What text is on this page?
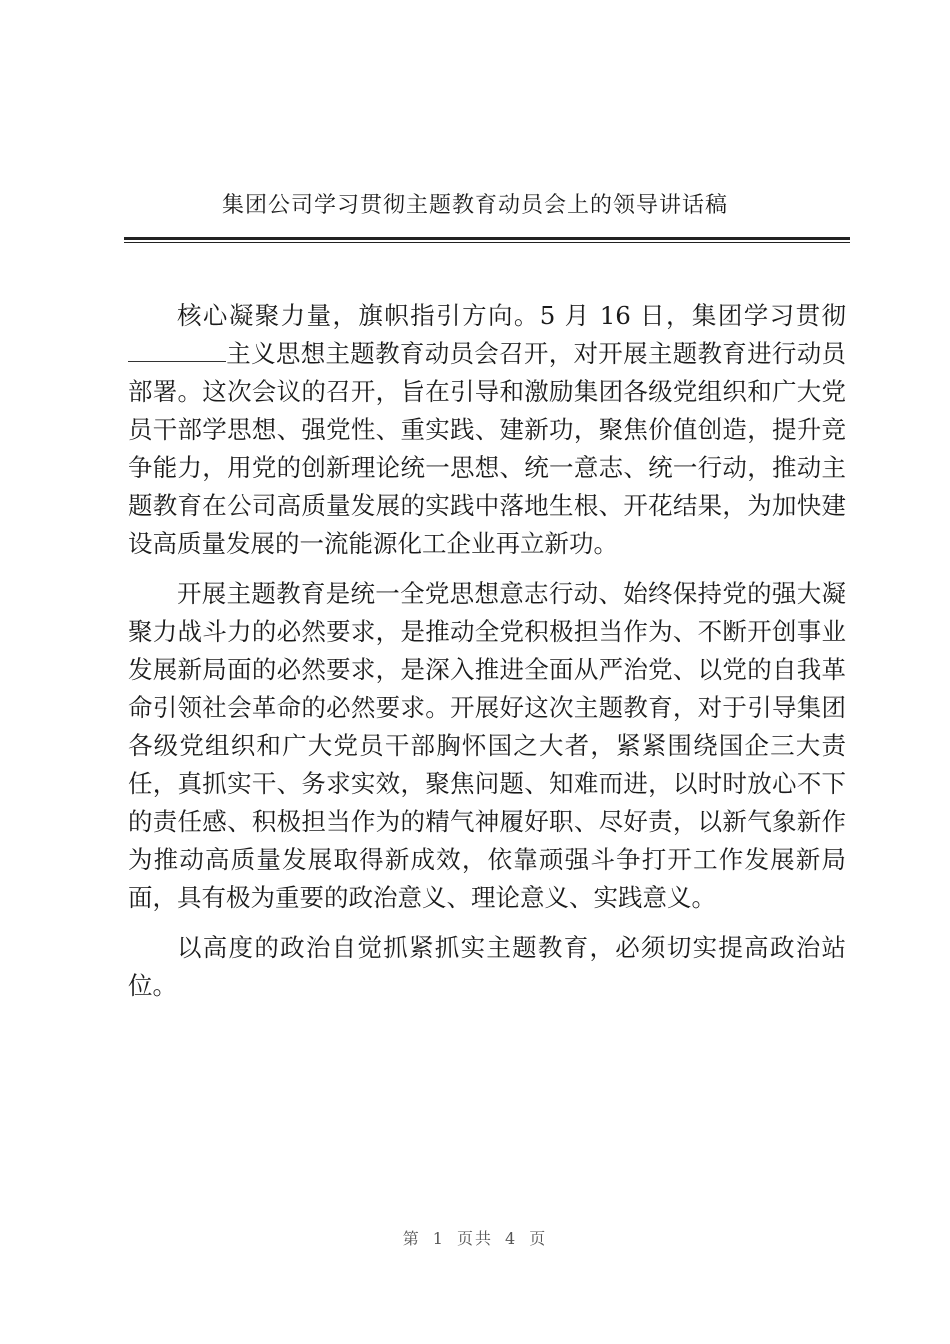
集团公司学习贯彻主题教育动员会上的领导讲话稿

核心凝聚力量，旗帜指引方向。5 月 16 日，集团学习贯彻主义思想主题教育动员会召开，对开展主题教育进行动员部署。这次会议的召开，旨在引导和激励集团各级党组织和广大党员干部学思想、强党性、重实践、建新功，聚焦价值创造，提升竞争能力，用党的创新理论统一思想、统一意志、统一行动，推动主题教育在公司高质量发展的实践中落地生根、开花结果，为加快建设高质量发展的一流能源化工企业再立新功。

开展主题教育是统一全党思想意志行动、始终保持党的强大凝聚力战斗力的必然要求，是推动全党积极担当作为、不断开创事业发展新局面的必然要求，是深入推进全面从严治党、以党的自我革命引领社会革命的必然要求。开展好这次主题教育，对于引导集团各级党组织和广大党员干部胸怀国之大者，紧紧围绕国企三大责任，真抓实干、务求实效，聚焦问题、知难而进，以时时放心不下的责任感、积极担当作为的精气神履好职、尽好责，以新气象新作为推动高质量发展取得新成效，依靠顽强斗争打开工作发展新局面，具有极为重要的政治意义、理论意义、实践意义。

以高度的政治自觉抓紧抓实主题教育，必须切实提高政治站位。

第 1 页共 4 页
